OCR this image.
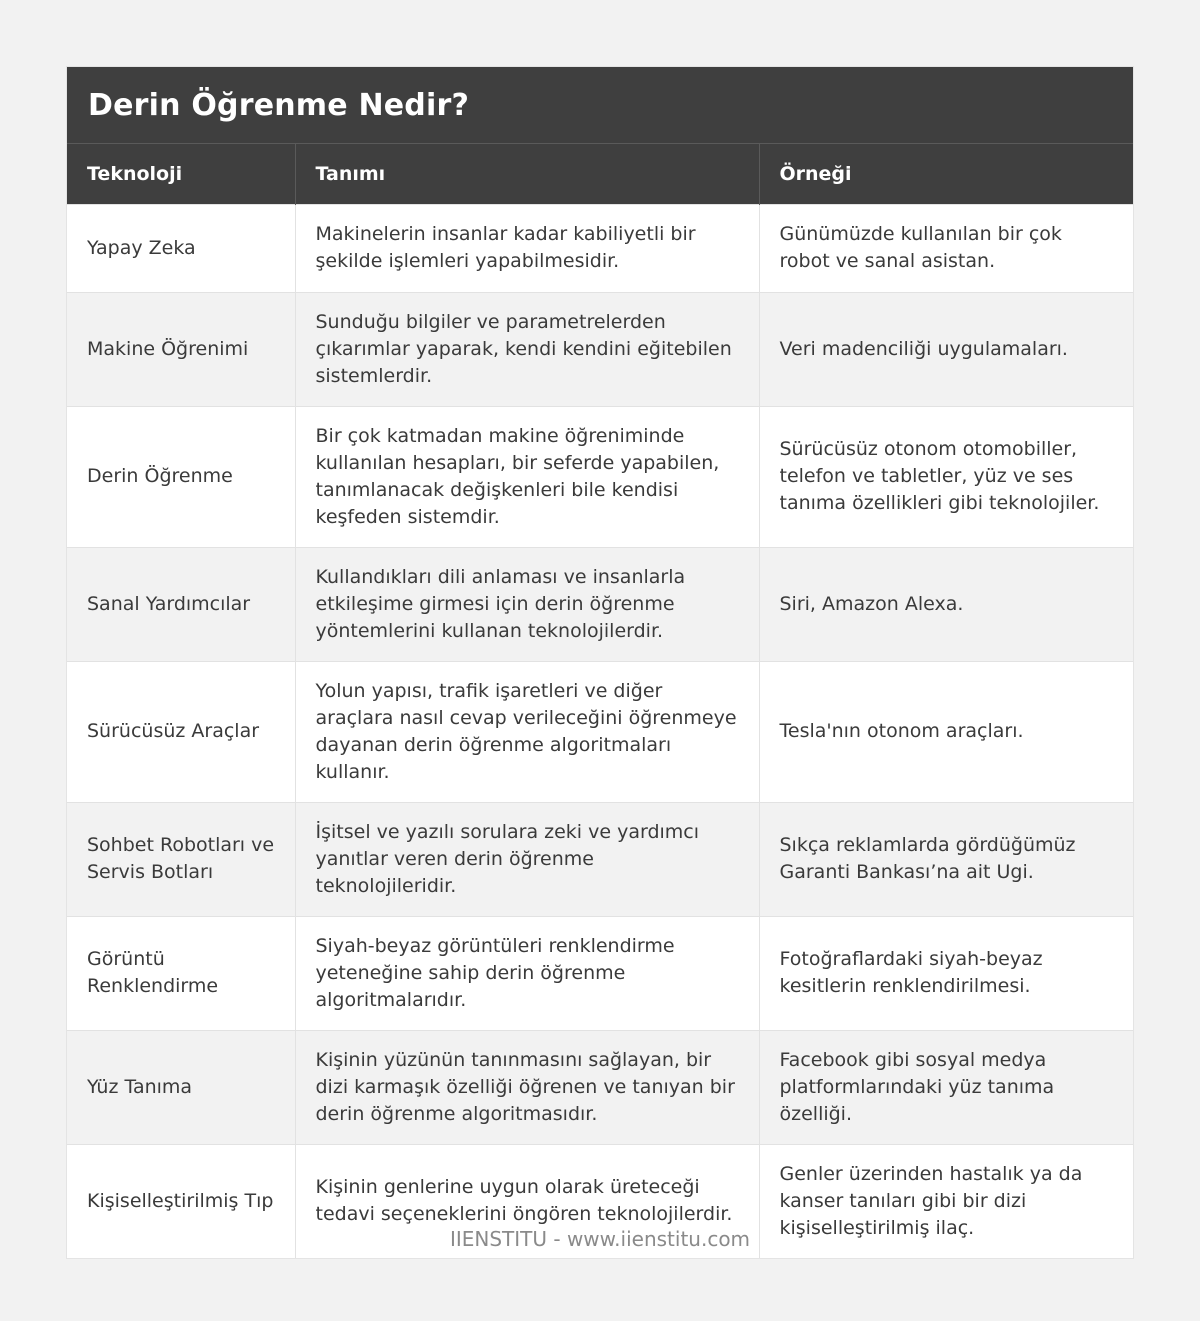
Derin Öğrenme Nedir?
Teknoloji	Tanımı	Örneği
Yapay Zeka	Makinelerin insanlar kadar kabiliyetli bir şekilde işlemleri yapabilmesidir.	Günümüzde kullanılan bir çok robot ve sanal asistan.
Makine Öğrenimi	Sunduğu bilgiler ve parametrelerden çıkarımlar yaparak, kendi kendini eğitebilen sistemlerdir.	Veri madenciliği uygulamaları.
Derin Öğrenme	Bir çok katmadan makine öğreniminde kullanılan hesapları, bir seferde yapabilen, tanımlanacak değişkenleri bile kendisi keşfeden sistemdir.	Sürücüsüz otonom otomobiller, telefon ve tabletler, yüz ve ses tanıma özellikleri gibi teknolojiler.
Sanal Yardımcılar	Kullandıkları dili anlaması ve insanlarla etkileşime girmesi için derin öğrenme yöntemlerini kullanan teknolojilerdir.	Siri, Amazon Alexa.
Sürücüsüz Araçlar	Yolun yapısı, trafik işaretleri ve diğer araçlara nasıl cevap verileceğini öğrenmeye dayanan derin öğrenme algoritmaları kullanır.	Tesla'nın otonom araçları.
Sohbet Robotları ve Servis Botları	İşitsel ve yazılı sorulara zeki ve yardımcı yanıtlar veren derin öğrenme teknolojileridir.	Sıkça reklamlarda gördüğümüz Garanti Bankası’na ait Ugi.
Görüntü Renklendirme	Siyah-beyaz görüntüleri renklendirme yeteneğine sahip derin öğrenme algoritmalarıdır.	Fotoğraflardaki siyah-beyaz kesitlerin renklendirilmesi.
Yüz Tanıma	Kişinin yüzünün tanınmasını sağlayan, bir dizi karmaşık özelliği öğrenen ve tanıyan bir derin öğrenme algoritmasıdır.	Facebook gibi sosyal medya platformlarındaki yüz tanıma özelliği.
Kişiselleştirilmiş Tıp	Kişinin genlerine uygun olarak üreteceği tedavi seçeneklerini öngören teknolojilerdir.	Genler üzerinden hastalık ya da kanser tanıları gibi bir dizi kişiselleştirilmiş ilaç.
IIENSTITU - www.iienstitu.com
